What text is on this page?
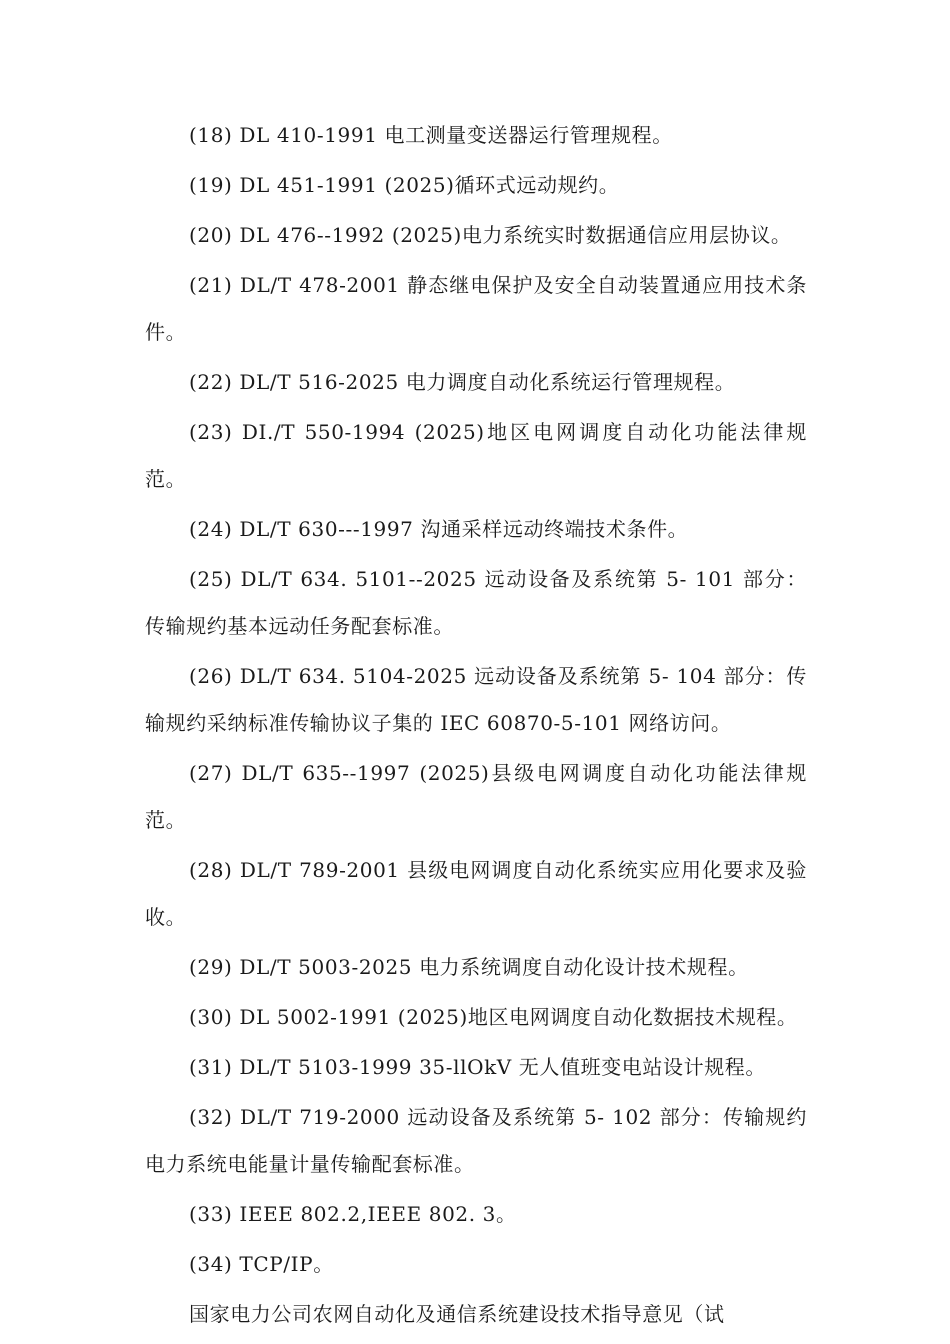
(18) DL 410-1991 电工测量变送器运行管理规程。

(19) DL 451-1991 (2025)循环式远动规约。

(20) DL 476--1992 (2025)电力系统实时数据通信应用层协议。

(21) DL/T 478-2001 静态继电保护及安全自动装置通应用技术条件。

(22) DL/T 516-2025 电力调度自动化系统运行管理规程。

(23) DI./T 550-1994 (2025)地区电网调度自动化功能法律规范。

(24) DL/T 630---1997 沟通采样远动终端技术条件。

(25) DL/T 634. 5101--2025 远动设备及系统第 5- 101 部分：传输规约基本远动任务配套标准。

(26) DL/T 634. 5104-2025 远动设备及系统第 5- 104 部分：传输规约采纳标准传输协议子集的 IEC 60870-5-101 网络访问。

(27) DL/T 635--1997 (2025)县级电网调度自动化功能法律规范。

(28) DL/T 789-2001 县级电网调度自动化系统实应用化要求及验收。

(29) DL/T 5003-2025 电力系统调度自动化设计技术规程。

(30) DL 5002-1991 (2025)地区电网调度自动化数据技术规程。

(31) DL/T 5103-1999 35-llOkV 无人值班变电站设计规程。

(32) DL/T 719-2000 远动设备及系统第 5- 102 部分：传输规约电力系统电能量计量传输配套标准。

(33) IEEE 802.2,IEEE 802. 3。

(34) TCP/IP。

国家电力公司农网自动化及通信系统建设技术指导意见（试
